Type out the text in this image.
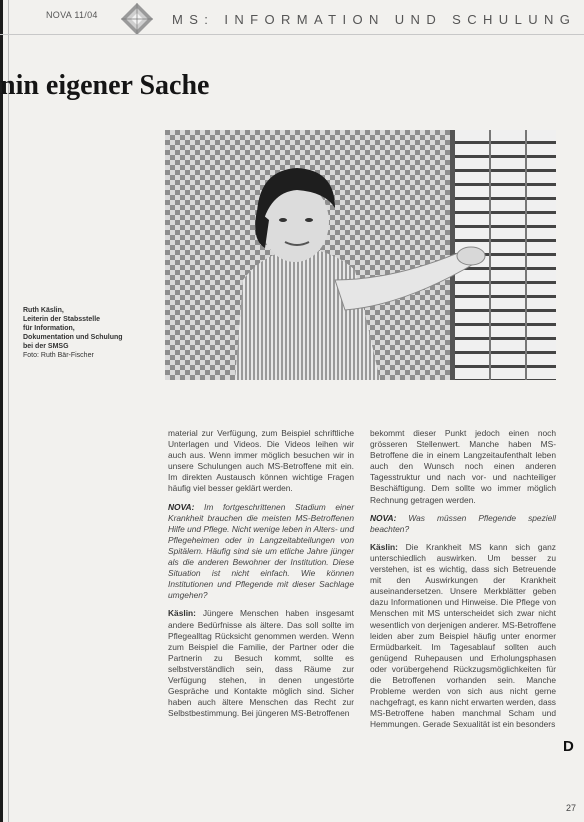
NOVA 11/04	MS: INFORMATION UND SCHULUNG
nin eigener Sache
Ruth Käslin,
Leiterin der Stabsstelle
für Information,
Dokumentation und Schulung
bei der SMSG
Foto: Ruth Bär-Fischer

material zur Verfügung, zum Beispiel schriftliche Unterlagen und Videos. Die Videos leihen wir auch aus. Wenn immer möglich besuchen wir in unsere Schulungen auch MS-Betroffene mit ein. Im direkten Austausch können wichtige Fragen häufig viel besser geklärt werden.

NOVA: Im fortgeschrittenen Stadium einer Krankheit brauchen die meisten MS-Betroffenen Hilfe und Pflege. Nicht wenige leben in Alters- und Pflegeheimen oder in Langzeitabteilungen von Spitälern. Häufig sind sie um etliche Jahre jünger als die anderen Bewohner der Institution. Diese Situation ist nicht einfach. Wie können Institutionen und Pflegende mit dieser Sachlage umgehen?

Käslin: Jüngere Menschen haben insgesamt andere Bedürfnisse als ältere. Das soll sollte im Pflegealltag Rücksicht genommen werden. Wenn zum Beispiel die Familie, der Partner oder die Partnerin zu Besuch kommt, sollte es selbstverständlich sein, dass Räume zur Verfügung stehen, in denen ungestörte Gespräche und Kontakte möglich sind. Sicher haben auch ältere Menschen das Recht zur Selbstbestimmung. Bei jüngeren MS-Betroffenen

bekommt dieser Punkt jedoch einen noch grösseren Stellenwert. Manche haben MS-Betroffene die in einem Langzeitaufenthalt leben auch den Wunsch noch einen anderen Tagesstruktur und nach vor- und nachteiliger Beschäftigung. Dem sollte wo immer möglich Rechnung getragen werden.

NOVA: Was müssen Pflegende speziell beachten?

Käslin: Die Krankheit MS kann sich ganz unterschiedlich auswirken. Um besser zu verstehen, ist es wichtig, dass sich Betreuende mit den Auswirkungen der Krankheit auseinandersetzen. Unsere Merkblätter geben dazu Informationen und Hinweise. Die Pflege von Menschen mit MS unterscheidet sich zwar nicht wesentlich von derjenigen anderer. MS-Betroffene leiden aber zum Beispiel häufig unter enormer Ermüdbarkeit. Im Tagesablauf sollten auch genügend Ruhepausen und Erholungsphasen oder vorübergehend Rückzugsmöglichkeiten für die Betroffenen vorhanden sein. Manche Probleme werden von sich aus nicht gerne nachgefragt, es kann nicht erwarten werden, dass MS-Betroffene haben manchmal Scham und Hemmungen. Gerade Sexualität ist ein besonders

D
27
